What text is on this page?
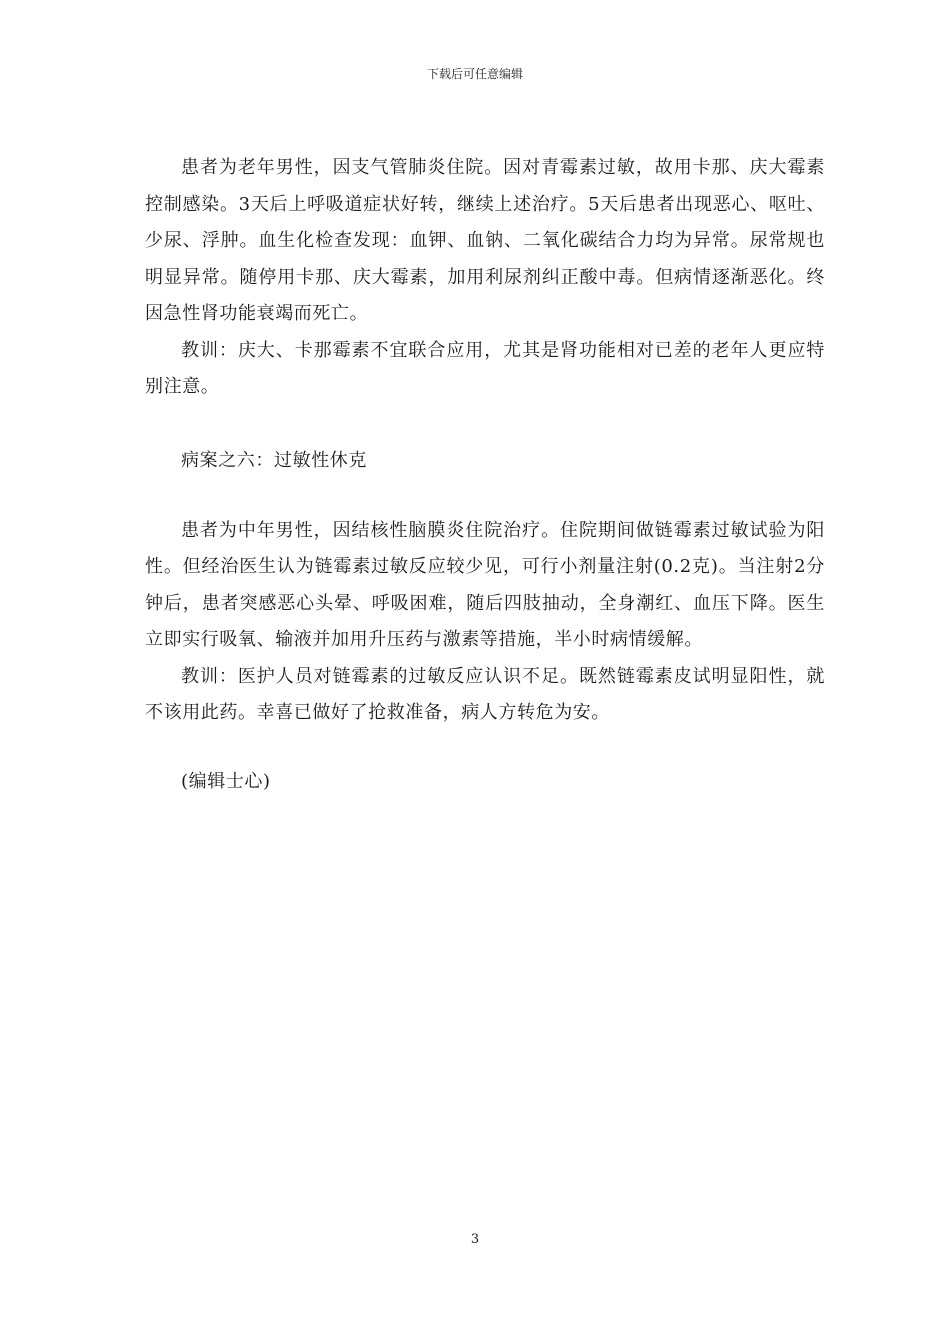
下载后可任意编辑

患者为老年男性，因支气管肺炎住院。因对青霉素过敏，故用卡那、庆大霉素控制感染。3天后上呼吸道症状好转，继续上述治疗。5天后患者出现恶心、呕吐、少尿、浮肿。血生化检查发现：血钾、血钠、二氧化碳结合力均为异常。尿常规也明显异常。随停用卡那、庆大霉素，加用利尿剂纠正酸中毒。但病情逐渐恶化。终因急性肾功能衰竭而死亡。

教训：庆大、卡那霉素不宜联合应用，尤其是肾功能相对已差的老年人更应特别注意。

病案之六：过敏性休克

患者为中年男性，因结核性脑膜炎住院治疗。住院期间做链霉素过敏试验为阳性。但经治医生认为链霉素过敏反应较少见，可行小剂量注射(0.2克)。当注射2分钟后，患者突感恶心头晕、呼吸困难，随后四肢抽动，全身潮红、血压下降。医生立即实行吸氧、输液并加用升压药与激素等措施，半小时病情缓解。

教训：医护人员对链霉素的过敏反应认识不足。既然链霉素皮试明显阳性，就不该用此药。幸喜已做好了抢救准备，病人方转危为安。

(编辑士心)

3
